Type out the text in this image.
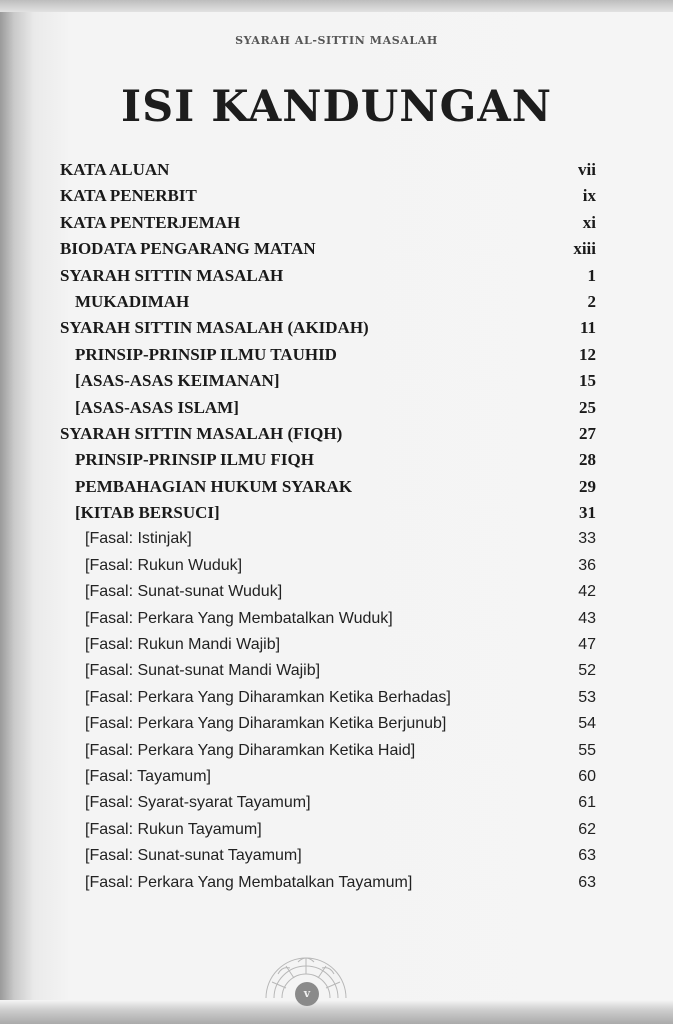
SYARAH AL-SITTIN MASALAH
ISI KANDUNGAN
KATA ALUAN	vii
KATA PENERBIT	ix
KATA PENTERJEMAH	xi
BIODATA PENGARANG MATAN	xiii
SYARAH SITTIN MASALAH	1
MUKADIMAH	2
SYARAH SITTIN MASALAH (AKIDAH)	11
PRINSIP-PRINSIP ILMU TAUHID	12
[ASAS-ASAS KEIMANAN]	15
[ASAS-ASAS ISLAM]	25
SYARAH SITTIN MASALAH (FIQH)	27
PRINSIP-PRINSIP ILMU FIQH	28
PEMBAHAGIAN HUKUM SYARAK	29
[KITAB BERSUCI]	31
[Fasal: Istinjak]	33
[Fasal: Rukun Wuduk]	36
[Fasal: Sunat-sunat Wuduk]	42
[Fasal: Perkara Yang Membatalkan Wuduk]	43
[Fasal: Rukun Mandi Wajib]	47
[Fasal: Sunat-sunat Mandi Wajib]	52
[Fasal: Perkara Yang Diharamkan Ketika Berhadas]	53
[Fasal: Perkara Yang Diharamkan Ketika Berjunub]	54
[Fasal: Perkara Yang Diharamkan Ketika Haid]	55
[Fasal: Tayamum]	60
[Fasal: Syarat-syarat Tayamum]	61
[Fasal: Rukun Tayamum]	62
[Fasal: Sunat-sunat Tayamum]	63
[Fasal: Perkara Yang Membatalkan Tayamum]	63
v
